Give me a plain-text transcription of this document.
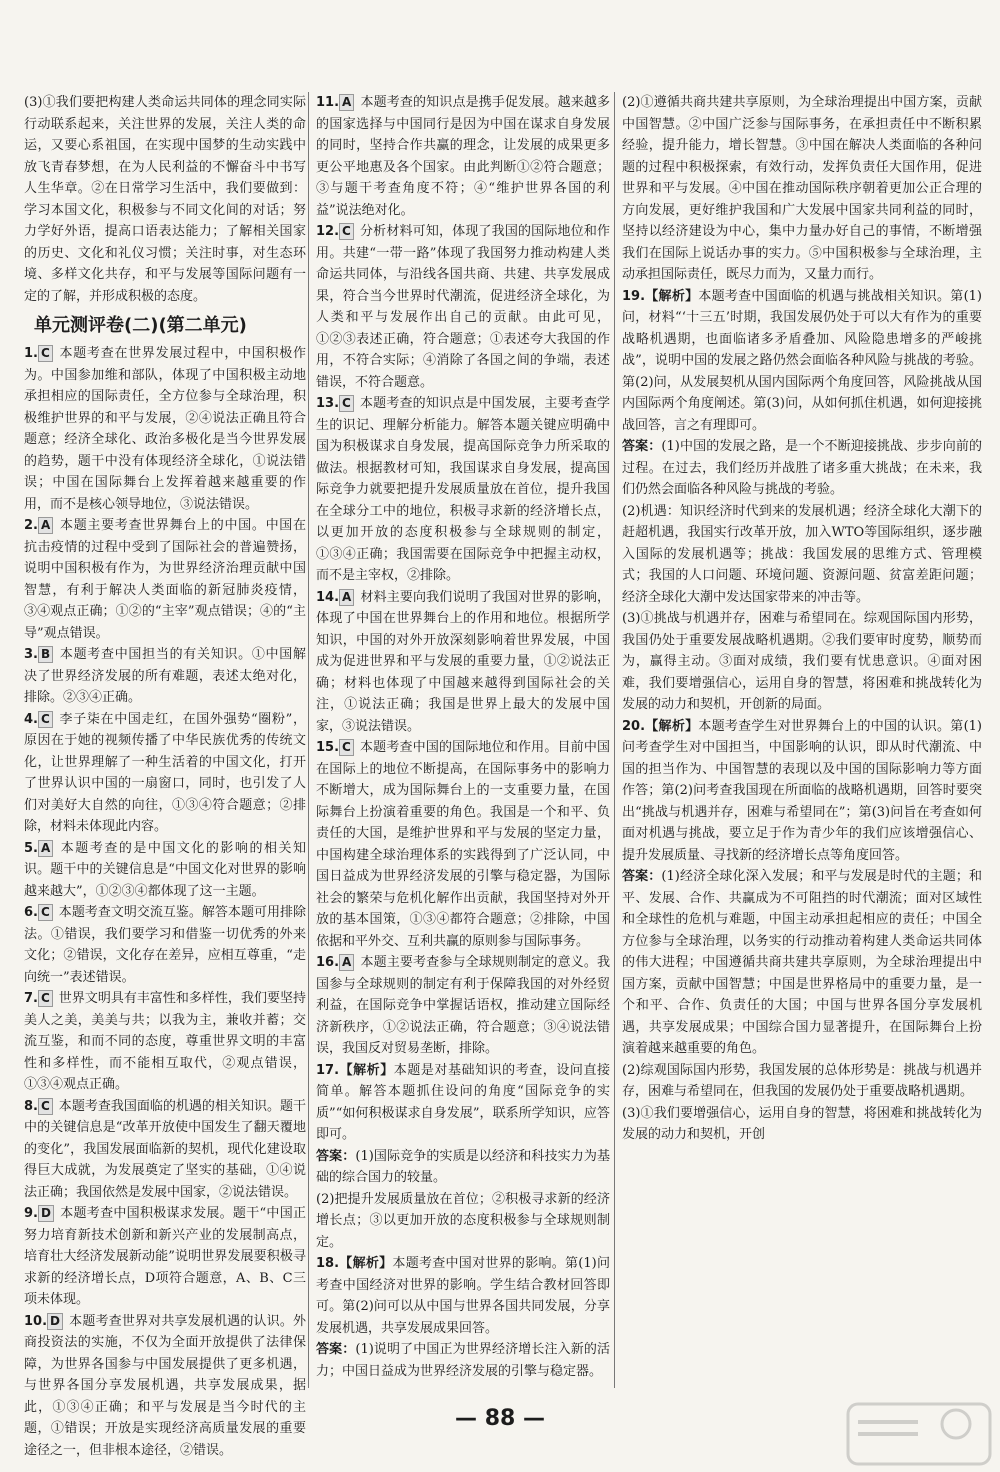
(3)①我们要把构建人类命运共同体的理念同实际行动联系起来，关注世界的发展，关注人类的命运，又要心系祖国，在实现中国梦的生动实践中放飞青春梦想，在为人民利益的不懈奋斗中书写人生华章。②在日常学习生活中，我们要做到：学习本国文化，积极参与不同文化间的对话；努力学好外语，提高口语表达能力；了解相关国家的历史、文化和礼仪习惯；关注时事，对生态环境、多样文化共存，和平与发展等国际问题有一定的了解，并形成积极的态度。

单元测评卷(二)(第二单元)

1. C 本题考查在世界发展过程中，中国积极作为。中国参加维和部队，体现了中国积极主动地承担相应的国际责任，全方位参与全球治理，积极维护世界的和平与发展，②④说法正确且符合题意；经济全球化、政治多极化是当今世界发展的趋势，题干中没有体现经济全球化，①说法错误；中国在国际舞台上发挥着越来越重要的作用，而不是核心领导地位，③说法错误。

2. A 本题主要考查世界舞台上的中国。中国在抗击疫情的过程中受到了国际社会的普遍赞扬，说明中国积极有作为，为世界经济治理贡献中国智慧，有利于解决人类面临的新冠肺炎疫情，③④观点正确；①②的“主宰”观点错误；④的“主导”观点错误。

3. B 本题考查中国担当的有关知识。①中国解决了世界经济发展的所有难题，表述太绝对化，排除。②③④正确。

4. C 李子柒在中国走红，在国外强势“圈粉”，原因在于她的视频传播了中华民族优秀的传统文化，让世界理解了一种生活着的中国文化，打开了世界认识中国的一扇窗口，同时，也引发了人们对美好大自然的向往，①③④符合题意；②排除，材料未体现此内容。

5. A 本题考查的是中国文化的影响的相关知识。题干中的关键信息是“中国文化对世界的影响越来越大”，①②③④都体现了这一主题。

6. C 本题考查文明交流互鉴。解答本题可用排除法。①错误，我们要学习和借鉴一切优秀的外来文化；②错误，文化存在差异，应相互尊重，“走向统一”表述错误。

7. C 世界文明具有丰富性和多样性，我们要坚持美人之美，美美与共；以我为主，兼收并蓄；交流互鉴，和而不同的态度，尊重世界文明的丰富性和多样性，而不能相互取代，②观点错误，①③④观点正确。

8. C 本题考查我国面临的机遇的相关知识。题干中的关键信息是“改革开放使中国发生了翻天覆地的变化”，我国发展面临新的契机，现代化建设取得巨大成就，为发展奠定了坚实的基础，①④说法正确；我国依然是发展中国家，②说法错误。

9. D 本题考查中国积极谋求发展。题干“中国正努力培育新技术创新和新兴产业的发展制高点，培育壮大经济发展新动能”说明世界发展要积极寻求新的经济增长点，D项符合题意，A、B、C三项未体现。

10. D 本题考查世界对共享发展机遇的认识。外商投资法的实施，不仅为全面开放提供了法律保障，为世界各国参与中国发展提供了更多机遇，与世界各国分享发展机遇，共享发展成果，据此，①③④正确；和平与发展是当今时代的主题，①错误；开放是实现经济高质量发展的重要途径之一，但非根本途径，②错误。

11. A 本题考查的知识点是携手促发展。越来越多的国家选择与中国同行是因为中国在谋求自身发展的同时，坚持合作共赢的理念，让发展的成果更多更公平地惠及各个国家。由此判断①②符合题意；③与题干考查角度不符；④“维护世界各国的利益”说法绝对化。

12. C 分析材料可知，体现了我国的国际地位和作用。共建“一带一路”体现了我国努力推动构建人类命运共同体，与沿线各国共商、共建、共享发展成果，符合当今世界时代潮流，促进经济全球化，为人类和平与发展作出自己的贡献。由此可见，①②③表述正确，符合题意；①表述夸大我国的作用，不符合实际；④消除了各国之间的争端，表述错误，不符合题意。

13. C 本题考查的知识点是中国发展，主要考查学生的识记、理解分析能力。解答本题关键应明确中国为积极谋求自身发展，提高国际竞争力所采取的做法。根据教材可知，我国谋求自身发展，提高国际竞争力就要把提升发展质量放在首位，提升我国在全球分工中的地位，积极寻求新的经济增长点，以更加开放的态度积极参与全球规则的制定，①③④正确；我国需要在国际竞争中把握主动权，而不是主宰权，②排除。

14. A 材料主要向我们说明了我国对世界的影响，体现了中国在世界舞台上的作用和地位。根据所学知识，中国的对外开放深刻影响着世界发展，中国成为促进世界和平与发展的重要力量，①②说法正确；材料也体现了中国越来越得到国际社会的关注，①说法正确；我国是世界上最大的发展中国家，③说法错误。

15. C 本题考查中国的国际地位和作用。目前中国在国际上的地位不断提高，在国际事务中的影响力不断增大，成为国际舞台上的一支重要力量，在国际舞台上扮演着重要的角色。我国是一个和平、负责任的大国，是维护世界和平与发展的坚定力量，中国构建全球治理体系的实践得到了广泛认同，中国日益成为世界经济发展的引擎与稳定器，为国际社会的繁荣与危机化解作出贡献，我国坚持对外开放的基本国策，①③④都符合题意；②排除，中国依据和平外交、互利共赢的原则参与国际事务。

16. A 本题主要考查参与全球规则制定的意义。我国参与全球规则的制定有利于保障我国的对外经贸利益，在国际竞争中掌握话语权，推动建立国际经济新秩序，①②说法正确，符合题意；③④说法错误，我国反对贸易垄断，排除。

17.【解析】本题是对基础知识的考查，设问直接简单。解答本题抓住设问的角度“国际竞争的实质”“如何积极谋求自身发展”，联系所学知识，应答即可。

答案：(1)国际竞争的实质是以经济和科技实力为基础的综合国力的较量。

(2)把提升发展质量放在首位；②积极寻求新的经济增长点；③以更加开放的态度积极参与全球规则制定。

18.【解析】本题考查中国对世界的影响。第(1)问考查中国经济对世界的影响。学生结合教材回答即可。第(2)问可以从中国与世界各国共同发展，分享发展机遇，共享发展成果回答。

答案：(1)说明了中国正为世界经济增长注入新的活力；中国日益成为世界经济发展的引擎与稳定器。

(2)①遵循共商共建共享原则，为全球治理提出中国方案，贡献中国智慧。②中国广泛参与国际事务，在承担责任中不断积累经验，提升能力，增长智慧。③中国在解决人类面临的各种问题的过程中积极探索，有效行动，发挥负责任大国作用，促进世界和平与发展。④中国在推动国际秩序朝着更加公正合理的方向发展，更好维护我国和广大发展中国家共同利益的同时，坚持以经济建设为中心，集中力量办好自己的事情，不断增强我们在国际上说话办事的实力。⑤中国积极参与全球治理，主动承担国际责任，既尽力而为，又量力而行。

19.【解析】本题考查中国面临的机遇与挑战相关知识。第(1)问，材料“‘十三五’时期，我国发展仍处于可以大有作为的重要战略机遇期，也面临诸多矛盾叠加、风险隐患增多的严峻挑战”，说明中国的发展之路仍然会面临各种风险与挑战的考验。第(2)问，从发展契机从国内国际两个角度回答，风险挑战从国内国际两个角度阐述。第(3)问，从如何抓住机遇，如何迎接挑战回答，言之有理即可。

答案：(1)中国的发展之路，是一个不断迎接挑战、步步向前的过程。在过去，我们经历并战胜了诸多重大挑战；在未来，我们仍然会面临各种风险与挑战的考验。

(2)机遇：知识经济时代到来的发展机遇；经济全球化大潮下的赶超机遇，我国实行改革开放，加入WTO等国际组织，逐步融入国际的发展机遇等；挑战：我国发展的思维方式、管理模式；我国的人口问题、环境问题、资源问题、贫富差距问题；经济全球化大潮中发达国家带来的冲击等。

(3)①挑战与机遇并存，困难与希望同在。综观国际国内形势，我国仍处于重要发展战略机遇期。②我们要审时度势，顺势而为，赢得主动。③面对成绩，我们要有忧患意识。④面对困难，我们要增强信心，运用自身的智慧，将困难和挑战转化为发展的动力和契机，开创新的局面。

20.【解析】本题考查学生对世界舞台上的中国的认识。第(1)问考查学生对中国担当，中国影响的认识，即从时代潮流、中国的担当作为、中国智慧的表现以及中国的国际影响力等方面作答；第(2)问考查我国现在所面临的战略机遇期，回答时要突出“挑战与机遇并存，困难与希望同在”；第(3)问旨在考查如何面对机遇与挑战，要立足于作为青少年的我们应该增强信心、提升发展质量、寻找新的经济增长点等角度回答。

答案：(1)经济全球化深入发展；和平与发展是时代的主题；和平、发展、合作、共赢成为不可阻挡的时代潮流；面对区域性和全球性的危机与难题，中国主动承担起相应的责任；中国全方位参与全球治理，以务实的行动推动着构建人类命运共同体的伟大进程；中国遵循共商共建共享原则，为全球治理提出中国方案，贡献中国智慧；中国是世界格局中的重要力量，是一个和平、合作、负责任的大国；中国与世界各国分享发展机遇，共享发展成果；中国综合国力显著提升，在国际舞台上扮演着越来越重要的角色。

(2)综观国际国内形势，我国发展的总体形势是：挑战与机遇并存，困难与希望同在，但我国的发展仍处于重要战略机遇期。

(3)①我们要增强信心，运用自身的智慧，将困难和挑战转化为发展的动力和契机，开创

— 88 —
